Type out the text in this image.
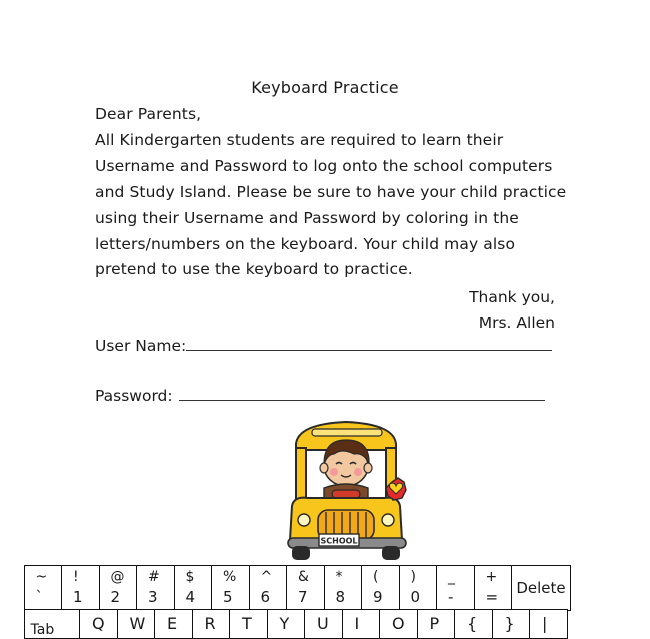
Keyboard Practice
Dear Parents,
All Kindergarten students are required to learn their
Username and Password to log onto the school computers
and Study Island. Please be sure to have your child practice
using their Username and Password by coloring in the
letters/numbers on the keyboard. Your child may also
pretend to use the keyboard to practice.
Thank you,
Mrs. Allen
User Name:
Password:
SCHOOL
~
`
!
1
@
2
#
3
$
4
%
5
^
6
&
7
*
8
(
9
)
0
_
-
+
= Delete
Tab Q W E R T Y U I O P { } |
